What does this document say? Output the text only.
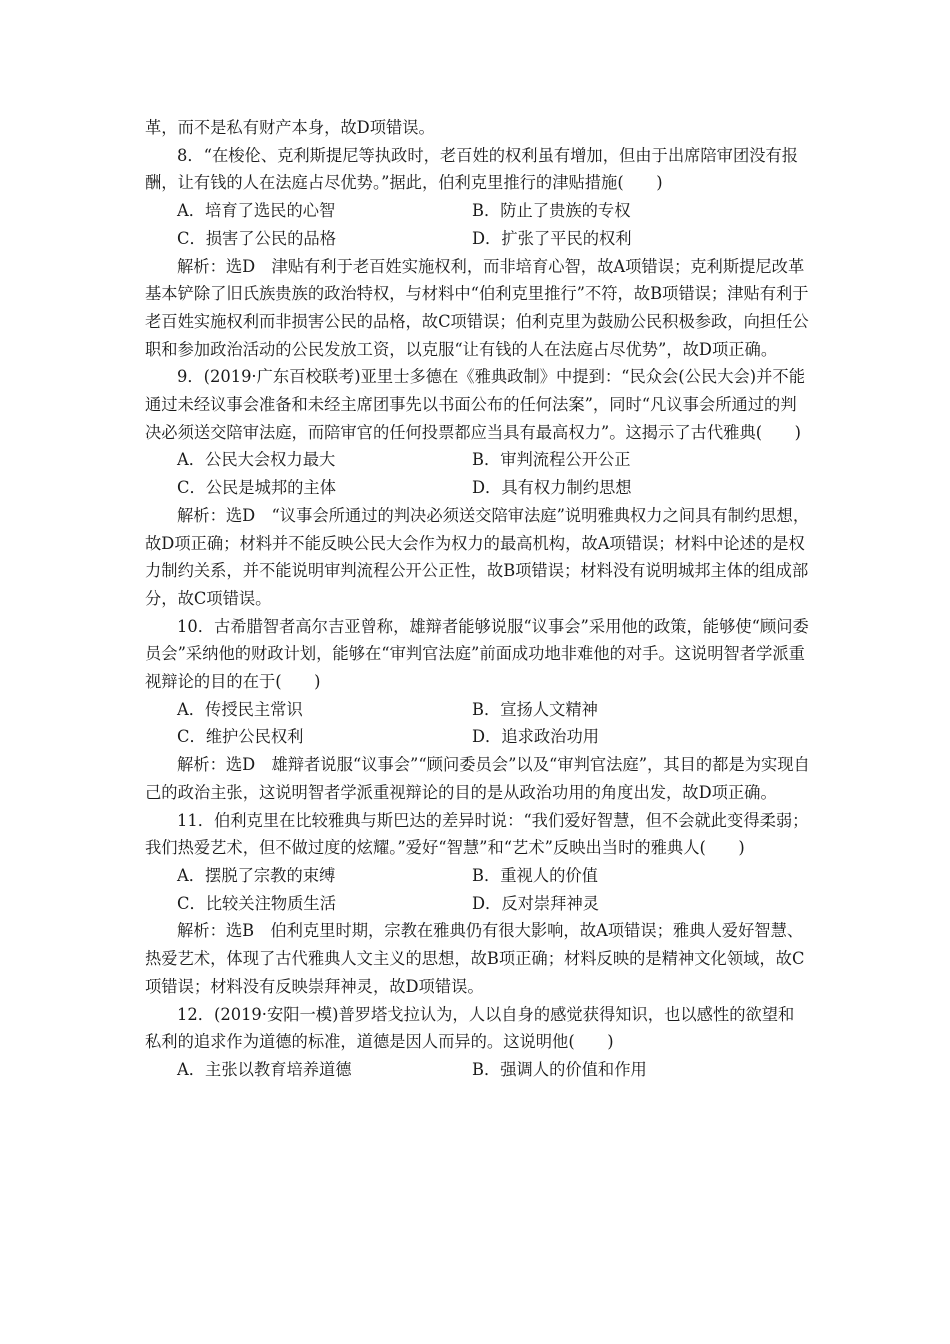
革，而不是私有财产本身，故D项错误。

8．“在梭伦、克利斯提尼等执政时，老百姓的权利虽有增加，但由于出席陪审团没有报酬，让有钱的人在法庭占尽优势。”据此，伯利克里推行的津贴措施(　　)

A．培育了选民的心智	B．防止了贵族的专权
C．损害了公民的品格	D．扩张了平民的权利

解析：选D　津贴有利于老百姓实施权利，而非培育心智，故A项错误；克利斯提尼改革基本铲除了旧氏族贵族的政治特权，与材料中“伯利克里推行”不符，故B项错误；津贴有利于老百姓实施权利而非损害公民的品格，故C项错误；伯利克里为鼓励公民积极参政，向担任公职和参加政治活动的公民发放工资，以克服“让有钱的人在法庭占尽优势”，故D项正确。

9．(2019·广东百校联考)亚里士多德在《雅典政制》中提到：“民众会(公民大会)并不能通过未经议事会准备和未经主席团事先以书面公布的任何法案”，同时“凡议事会所通过的判决必须送交陪审法庭，而陪审官的任何投票都应当具有最高权力”。这揭示了古代雅典(　　)

A．公民大会权力最大	B．审判流程公开公正
C．公民是城邦的主体	D．具有权力制约思想

解析：选D　“议事会所通过的判决必须送交陪审法庭”说明雅典权力之间具有制约思想，故D项正确；材料并不能反映公民大会作为权力的最高机构，故A项错误；材料中论述的是权力制约关系，并不能说明审判流程公开公正性，故B项错误；材料没有说明城邦主体的组成部分，故C项错误。

10．古希腊智者高尔吉亚曾称，雄辩者能够说服“议事会”采用他的政策，能够使“顾问委员会”采纳他的财政计划，能够在“审判官法庭”前面成功地非难他的对手。这说明智者学派重视辩论的目的在于(　　)

A．传授民主常识	B．宣扬人文精神
C．维护公民权利	D．追求政治功用

解析：选D　雄辩者说服“议事会”“顾问委员会”以及“审判官法庭”，其目的都是为实现自己的政治主张，这说明智者学派重视辩论的目的是从政治功用的角度出发，故D项正确。

11．伯利克里在比较雅典与斯巴达的差异时说：“我们爱好智慧，但不会就此变得柔弱；我们热爱艺术，但不做过度的炫耀。”爱好“智慧”和“艺术”反映出当时的雅典人(　　)

A．摆脱了宗教的束缚	B．重视人的价值
C．比较关注物质生活	D．反对崇拜神灵

解析：选B　伯利克里时期，宗教在雅典仍有很大影响，故A项错误；雅典人爱好智慧、热爱艺术，体现了古代雅典人文主义的思想，故B项正确；材料反映的是精神文化领域，故C项错误；材料没有反映崇拜神灵，故D项错误。

12．(2019·安阳一模)普罗塔戈拉认为，人以自身的感觉获得知识，也以感性的欲望和私利的追求作为道德的标准，道德是因人而异的。这说明他(　　)

A．主张以教育培养道德	B．强调人的价值和作用
